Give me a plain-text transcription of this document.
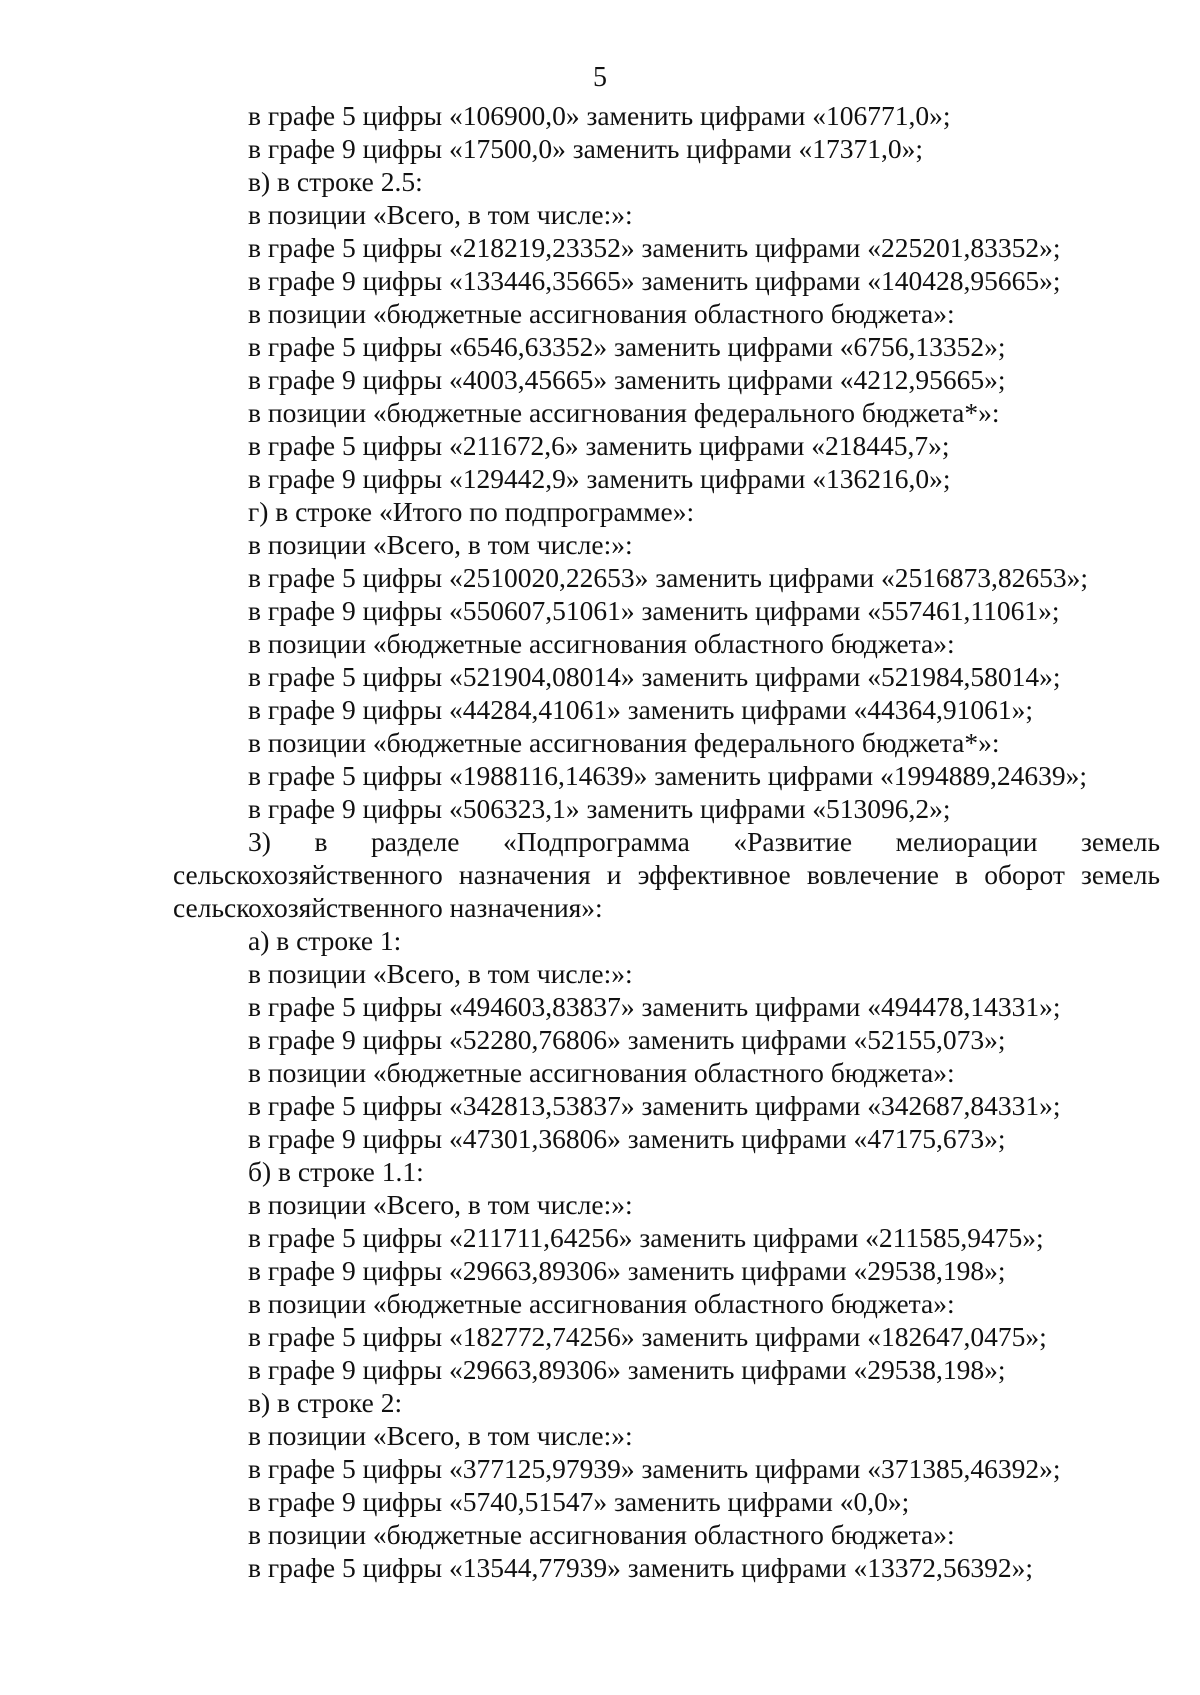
5
в графе 5 цифры «106900,0» заменить цифрами «106771,0»;
в графе 9 цифры «17500,0» заменить цифрами «17371,0»;
в) в строке 2.5:
в позиции «Всего, в том числе:»:
в графе 5 цифры «218219,23352» заменить цифрами «225201,83352»;
в графе 9 цифры «133446,35665» заменить цифрами «140428,95665»;
в позиции «бюджетные ассигнования областного бюджета»:
в графе 5 цифры «6546,63352» заменить цифрами «6756,13352»;
в графе 9 цифры «4003,45665» заменить цифрами «4212,95665»;
в позиции «бюджетные ассигнования федерального бюджета*»:
в графе 5 цифры «211672,6» заменить цифрами «218445,7»;
в графе 9 цифры «129442,9» заменить цифрами «136216,0»;
г) в строке «Итого по подпрограмме»:
в позиции «Всего, в том числе:»:
в графе 5 цифры «2510020,22653» заменить цифрами «2516873,82653»;
в графе 9 цифры «550607,51061» заменить цифрами «557461,11061»;
в позиции «бюджетные ассигнования областного бюджета»:
в графе 5 цифры «521904,08014» заменить цифрами «521984,58014»;
в графе 9 цифры «44284,41061» заменить цифрами «44364,91061»;
в позиции «бюджетные ассигнования федерального бюджета*»:
в графе 5 цифры «1988116,14639» заменить цифрами «1994889,24639»;
в графе 9 цифры «506323,1» заменить цифрами «513096,2»;
3) в разделе «Подпрограмма «Развитие мелиорации земель сельскохозяйственного назначения и эффективное вовлечение в оборот земель сельскохозяйственного назначения»:
а) в строке 1:
в позиции «Всего, в том числе:»:
в графе 5 цифры «494603,83837» заменить цифрами «494478,14331»;
в графе 9 цифры «52280,76806» заменить цифрами «52155,073»;
в позиции «бюджетные ассигнования областного бюджета»:
в графе 5 цифры «342813,53837» заменить цифрами «342687,84331»;
в графе 9 цифры «47301,36806» заменить цифрами «47175,673»;
б) в строке 1.1:
в позиции «Всего, в том числе:»:
в графе 5 цифры «211711,64256» заменить цифрами «211585,9475»;
в графе 9 цифры «29663,89306» заменить цифрами «29538,198»;
в позиции «бюджетные ассигнования областного бюджета»:
в графе 5 цифры «182772,74256» заменить цифрами «182647,0475»;
в графе 9 цифры «29663,89306» заменить цифрами «29538,198»;
в) в строке 2:
в позиции «Всего, в том числе:»:
в графе 5 цифры «377125,97939» заменить цифрами «371385,46392»;
в графе 9 цифры «5740,51547» заменить цифрами «0,0»;
в позиции «бюджетные ассигнования областного бюджета»:
в графе 5 цифры «13544,77939» заменить цифрами «13372,56392»;
